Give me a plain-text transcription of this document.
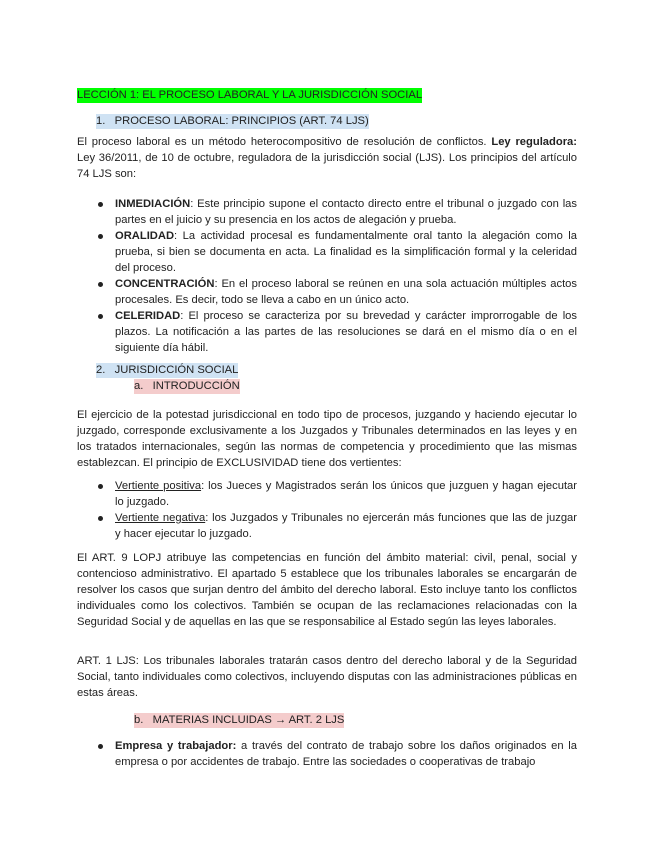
LECCIÓN 1: EL PROCESO LABORAL Y LA JURISDICCIÓN SOCIAL
1.   PROCESO LABORAL: PRINCIPIOS (ART. 74 LJS)

El proceso laboral es un método heterocompositivo de resolución de conflictos. Ley reguladora: Ley 36/2011, de 10 de octubre, reguladora de la jurisdicción social (LJS). Los principios del artículo 74 LJS son:

INMEDIACIÓN: Este principio supone el contacto directo entre el tribunal o juzgado con las partes en el juicio y su presencia en los actos de alegación y prueba.
ORALIDAD: La actividad procesal es fundamentalmente oral tanto la alegación como la prueba, si bien se documenta en acta. La finalidad es la simplificación formal y la celeridad del proceso.
CONCENTRACIÓN: En el proceso laboral se reúnen en una sola actuación múltiples actos procesales. Es decir, todo se lleva a cabo en un único acto.
CELERIDAD: El proceso se caracteriza por su brevedad y carácter improrrogable de los plazos. La notificación a las partes de las resoluciones se dará en el mismo día o en el siguiente día hábil.
2.   JURISDICCIÓN SOCIAL
a.   INTRODUCCIÓN

El ejercicio de la potestad jurisdiccional en todo tipo de procesos, juzgando y haciendo ejecutar lo juzgado, corresponde exclusivamente a los Juzgados y Tribunales determinados en las leyes y en los tratados internacionales, según las normas de competencia y procedimiento que las mismas establezcan. El principio de EXCLUSIVIDAD tiene dos vertientes:

Vertiente positiva: los Jueces y Magistrados serán los únicos que juzguen y hagan ejecutar lo juzgado.
Vertiente negativa: los Juzgados y Tribunales no ejercerán más funciones que las de juzgar y hacer ejecutar lo juzgado.

El ART. 9 LOPJ atribuye las competencias en función del ámbito material: civil, penal, social y contencioso administrativo. El apartado 5 establece que los tribunales laborales se encargarán de resolver los casos que surjan dentro del ámbito del derecho laboral. Esto incluye tanto los conflictos individuales como los colectivos. También se ocupan de las reclamaciones relacionadas con la Seguridad Social y de aquellas en las que se responsabilice al Estado según las leyes laborales.

ART. 1 LJS: Los tribunales laborales tratarán casos dentro del derecho laboral y de la Seguridad Social, tanto individuales como colectivos, incluyendo disputas con las administraciones públicas en estas áreas.

b.   MATERIAS INCLUIDAS → ART. 2 LJS
Empresa y trabajador: a través del contrato de trabajo sobre los daños originados en la empresa o por accidentes de trabajo. Entre las sociedades o cooperativas de trabajo
